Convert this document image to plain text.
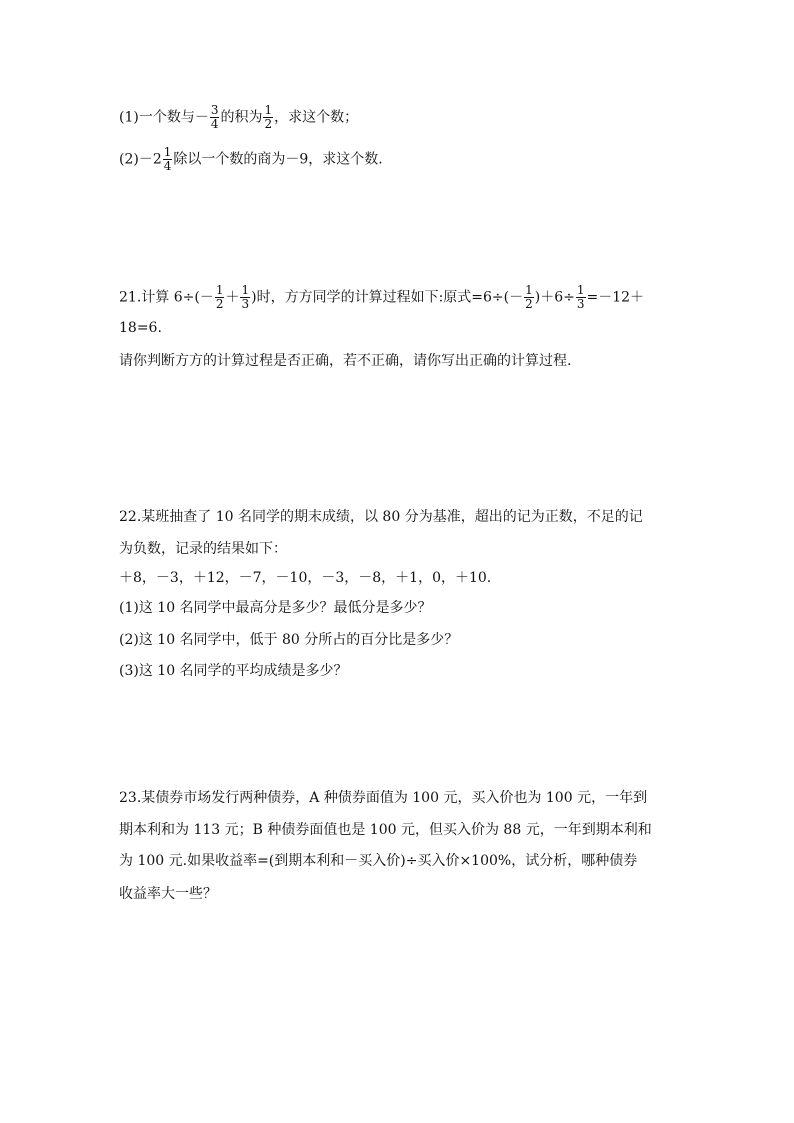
(1)一个数与－ $\frac{3}{4}$ 的积为 $\frac{1}{2}$ ，求这个数；
$(2)-2 \frac{1}{4}$ 除以一个数的商为－9，求这个数.
21.计算 $6\div(- \frac{1}{2} + \frac{1}{3}$ )时，方方同学的计算过程如下:原式$=6\div(- \frac{1}{2} )+6\div \frac{1}{3} =-12+$
18=6.
请你判断方方的计算过程是否正确，若不正确，请你写出正确的计算过程.
22.某班抽查了 10 名同学的期末成绩，以 80 分为基准，超出的记为正数，不足的记
为负数，记录的结果如下：
＋8，－3，＋12，－7，－10，－3，－8，＋1，0，＋10.
(1)这 10 名同学中最高分是多少？最低分是多少？
(2)这 10 名同学中，低于 80 分所占的百分比是多少？
(3)这 10 名同学的平均成绩是多少？
23.某债券市场发行两种债券，A 种债券面值为 100 元，买入价也为 100 元，一年到
期本利和为 113 元；B 种债券面值也是 100 元，但买入价为 88 元，一年到期本利和
为 100 元.如果收益率=(到期本利和－买入价)÷买入价×100%，试分析，哪种债券
收益率大一些？
